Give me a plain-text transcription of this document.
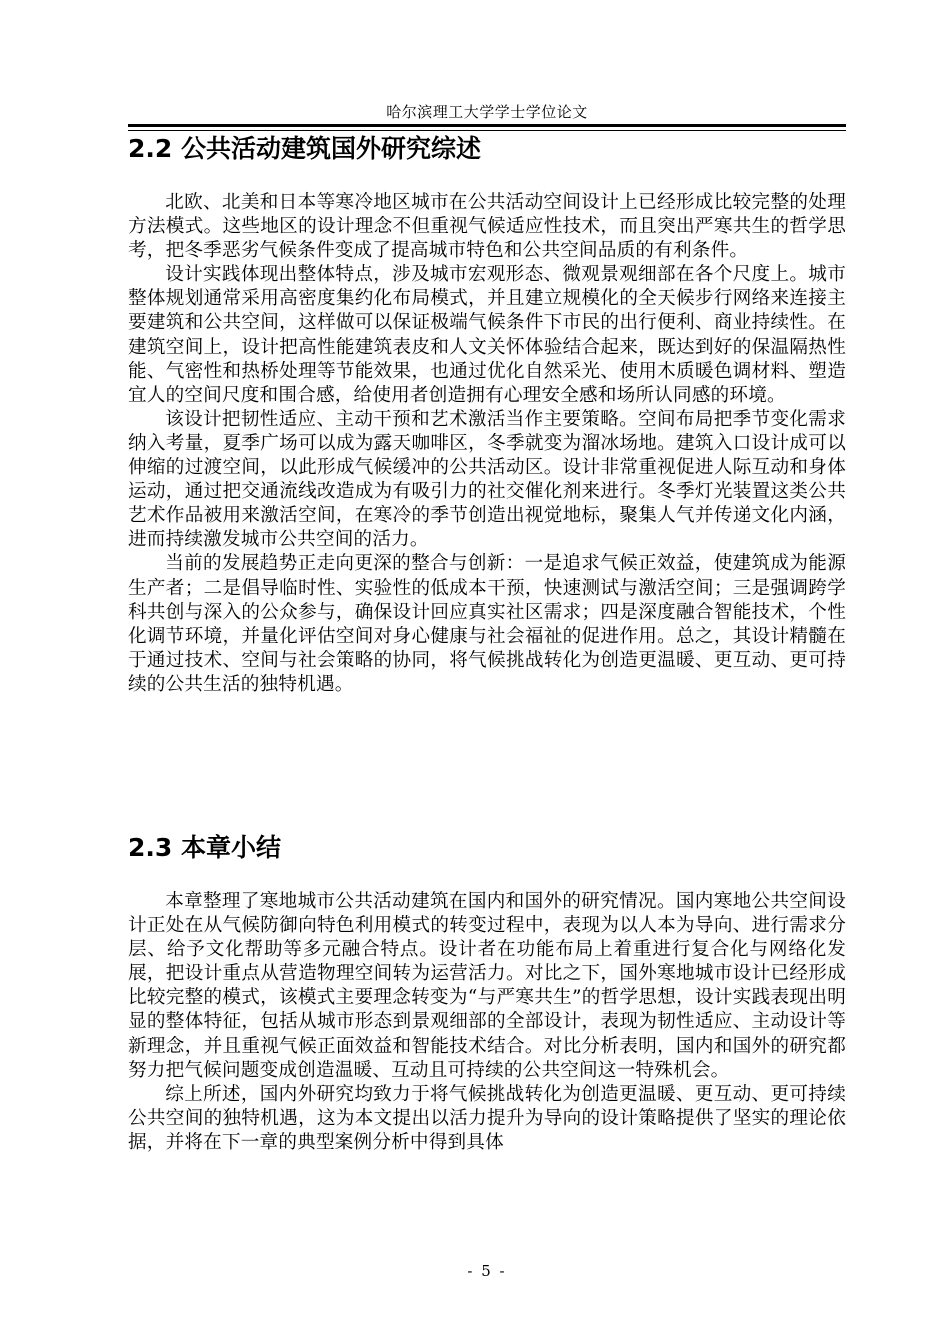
哈尔滨理工大学学士学位论文
2.2 公共活动建筑国外研究综述

北欧、北美和日本等寒冷地区城市在公共活动空间设计上已经形成比较完整的处理方法模式。这些地区的设计理念不但重视气候适应性技术，而且突出严寒共生的哲学思考，把冬季恶劣气候条件变成了提高城市特色和公共空间品质的有利条件。

设计实践体现出整体特点，涉及城市宏观形态、微观景观细部在各个尺度上。城市整体规划通常采用高密度集约化布局模式，并且建立规模化的全天候步行网络来连接主要建筑和公共空间，这样做可以保证极端气候条件下市民的出行便利、商业持续性。在建筑空间上，设计把高性能建筑表皮和人文关怀体验结合起来，既达到好的保温隔热性能、气密性和热桥处理等节能效果，也通过优化自然采光、使用木质暖色调材料、塑造宜人的空间尺度和围合感，给使用者创造拥有心理安全感和场所认同感的环境。

该设计把韧性适应、主动干预和艺术激活当作主要策略。空间布局把季节变化需求纳入考量，夏季广场可以成为露天咖啡区，冬季就变为溜冰场地。建筑入口设计成可以伸缩的过渡空间，以此形成气候缓冲的公共活动区。设计非常重视促进人际互动和身体运动，通过把交通流线改造成为有吸引力的社交催化剂来进行。冬季灯光装置这类公共艺术作品被用来激活空间，在寒冷的季节创造出视觉地标，聚集人气并传递文化内涵，进而持续激发城市公共空间的活力。

当前的发展趋势正走向更深的整合与创新：一是追求气候正效益，使建筑成为能源生产者；二是倡导临时性、实验性的低成本干预，快速测试与激活空间；三是强调跨学科共创与深入的公众参与，确保设计回应真实社区需求；四是深度融合智能技术，个性化调节环境，并量化评估空间对身心健康与社会福祉的促进作用。总之，其设计精髓在于通过技术、空间与社会策略的协同，将气候挑战转化为创造更温暖、更互动、更可持续的公共生活的独特机遇。

2.3 本章小结

本章整理了寒地城市公共活动建筑在国内和国外的研究情况。国内寒地公共空间设计正处在从气候防御向特色利用模式的转变过程中，表现为以人本为导向、进行需求分层、给予文化帮助等多元融合特点。设计者在功能布局上着重进行复合化与网络化发展，把设计重点从营造物理空间转为运营活力。对比之下，国外寒地城市设计已经形成比较完整的模式，该模式主要理念转变为“与严寒共生”的哲学思想，设计实践表现出明显的整体特征，包括从城市形态到景观细部的全部设计，表现为韧性适应、主动设计等新理念，并且重视气候正面效益和智能技术结合。对比分析表明，国内和国外的研究都努力把气候问题变成创造温暖、互动且可持续的公共空间这一特殊机会。

综上所述，国内外研究均致力于将气候挑战转化为创造更温暖、更互动、更可持续公共空间的独特机遇，这为本文提出以活力提升为导向的设计策略提供了坚实的理论依据，并将在下一章的典型案例分析中得到具体

- 5 -
